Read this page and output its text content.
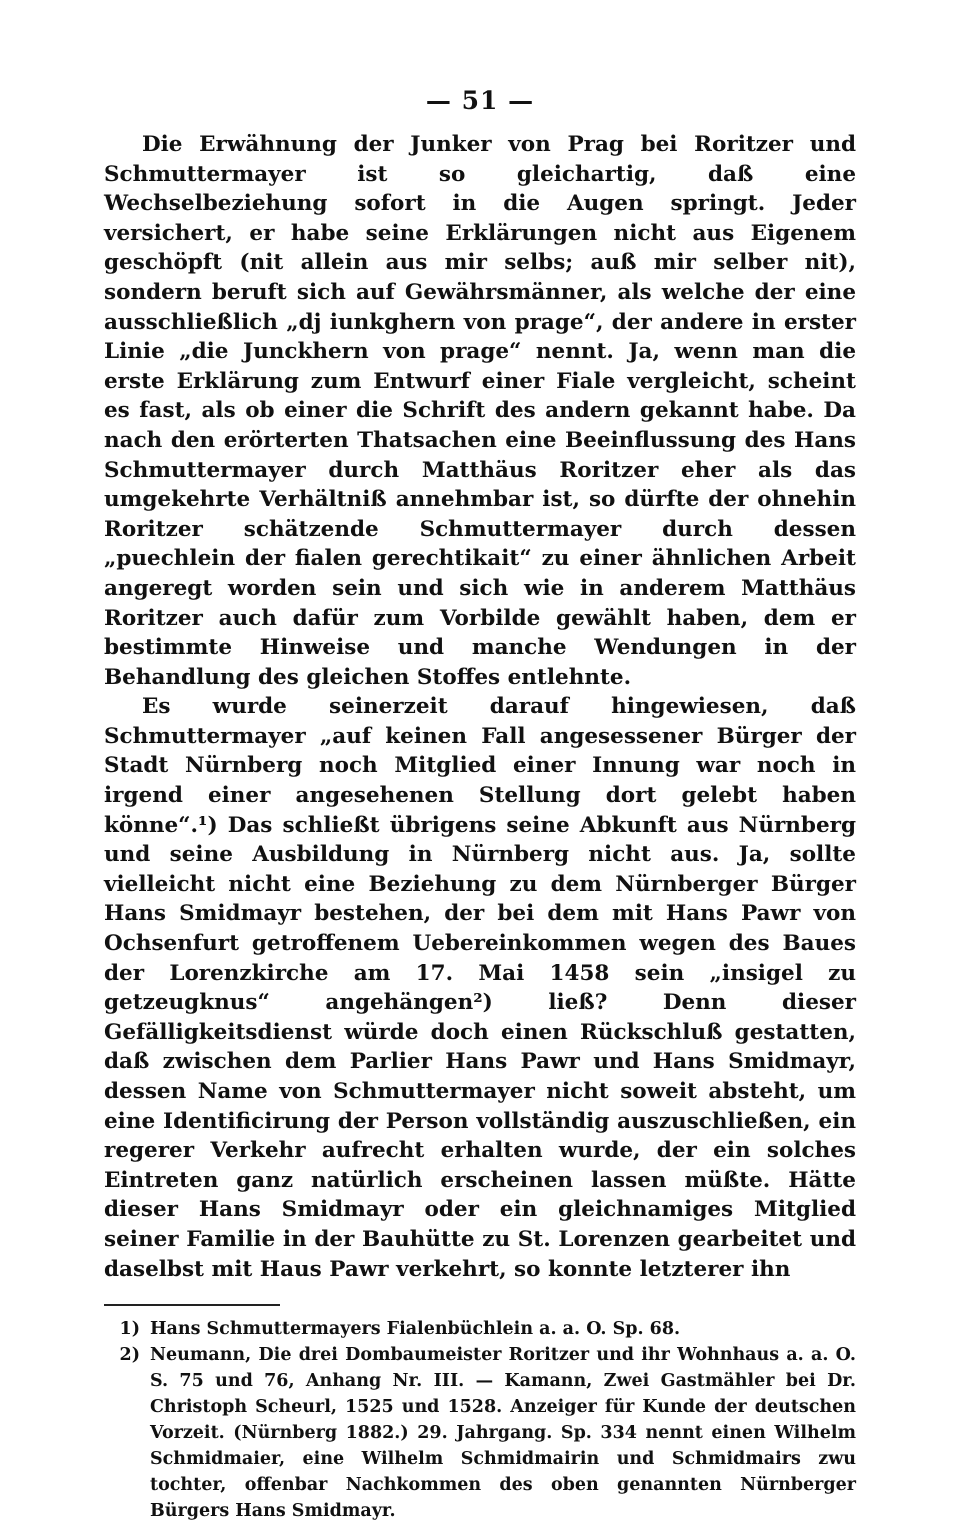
— 51 —

Die Erwähnung der Junker von Prag bei Roritzer und Schmuttermayer ist so gleichartig, daß eine Wechselbeziehung sofort in die Augen springt. Jeder versichert, er habe seine Erklärungen nicht aus Eigenem geschöpft (nit allein aus mir selbs; auß mir selber nit), sondern beruft sich auf Gewährsmänner, als welche der eine ausschließlich „dj iunkghern von prage“, der andere in erster Linie „die Junckhern von prage“ nennt. Ja, wenn man die erste Erklärung zum Entwurf einer Fiale vergleicht, scheint es fast, als ob einer die Schrift des andern gekannt habe. Da nach den erörterten Thatsachen eine Beeinflussung des Hans Schmuttermayer durch Matthäus Roritzer eher als das umgekehrte Verhältniß annehmbar ist, so dürfte der ohnehin Roritzer schätzende Schmuttermayer durch dessen „puechlein der fialen gerechtikait“ zu einer ähnlichen Arbeit angeregt worden sein und sich wie in anderem Matthäus Roritzer auch dafür zum Vorbilde gewählt haben, dem er bestimmte Hinweise und manche Wendungen in der Behandlung des gleichen Stoffes entlehnte.

Es wurde seinerzeit darauf hingewiesen, daß Schmuttermayer „auf keinen Fall angesessener Bürger der Stadt Nürnberg noch Mitglied einer Innung war noch in irgend einer angesehenen Stellung dort gelebt haben könne“.¹) Das schließt übrigens seine Abkunft aus Nürnberg und seine Ausbildung in Nürnberg nicht aus. Ja, sollte vielleicht nicht eine Beziehung zu dem Nürnberger Bürger Hans Smidmayr bestehen, der bei dem mit Hans Pawr von Ochsenfurt getroffenem Uebereinkommen wegen des Baues der Lorenzkirche am 17. Mai 1458 sein „insigel zu getzeugknus“ angehängen²) ließ? Denn dieser Gefälligkeitsdienst würde doch einen Rückschluß gestatten, daß zwischen dem Parlier Hans Pawr und Hans Smidmayr, dessen Name von Schmuttermayer nicht soweit absteht, um eine Identificirung der Person vollständig auszuschließen, ein regerer Verkehr aufrecht erhalten wurde, der ein solches Eintreten ganz natürlich erscheinen lassen müßte. Hätte dieser Hans Smidmayr oder ein gleichnamiges Mitglied seiner Familie in der Bauhütte zu St. Lorenzen gearbeitet und daselbst mit Haus Pawr verkehrt, so konnte letzterer ihn

1) Hans Schmuttermayers Fialenbüchlein a. a. O. Sp. 68.
2) Neumann, Die drei Dombaumeister Roritzer und ihr Wohnhaus a. a. O. S. 75 und 76, Anhang Nr. III. — Kamann, Zwei Gastmähler bei Dr. Christoph Scheurl, 1525 und 1528. Anzeiger für Kunde der deutschen Vorzeit. (Nürnberg 1882.) 29. Jahrgang. Sp. 334 nennt einen Wilhelm Schmidmaier, eine Wilhelm Schmidmairin und Schmidmairs zwu tochter, offenbar Nachkommen des oben genannten Nürnberger Bürgers Hans Smidmayr.
